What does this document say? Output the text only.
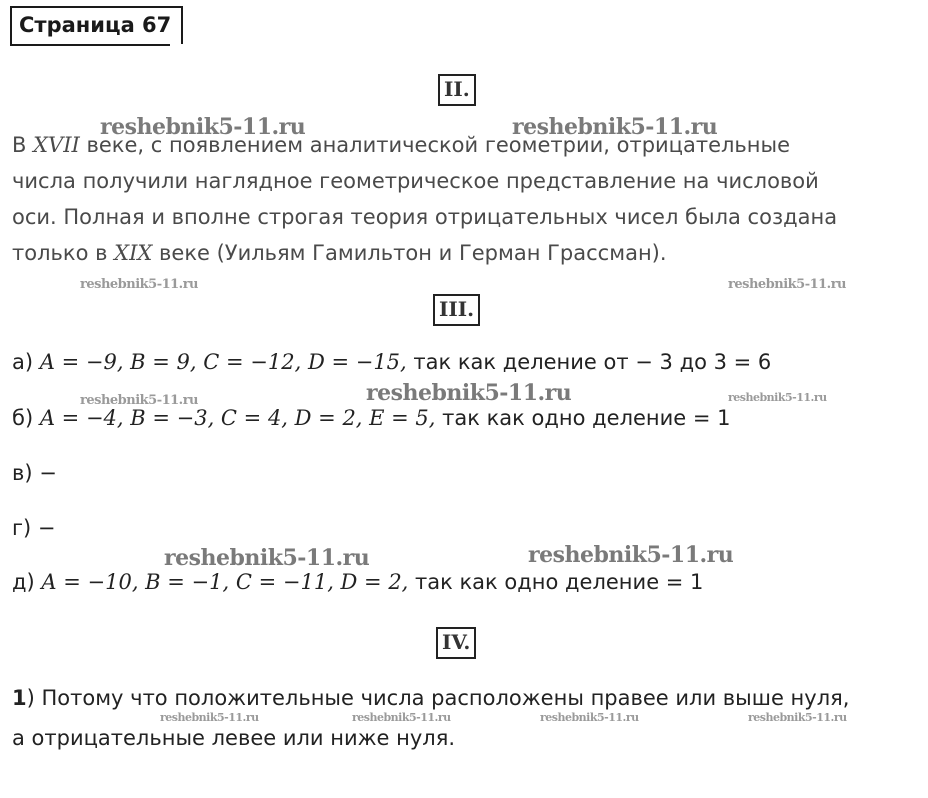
Страница 67
II.
reshebnik5-11.ru	reshebnik5-11.ru
В XVII веке, с появлением аналитической геометрии, отрицательные
числа получили наглядное геометрическое представление на числовой
оси. Полная и вполне строгая теория отрицательных чисел была создана
только в XIX веке (Уильям Гамильтон и Герман Грассман).
reshebnik5-11.ru	reshebnik5-11.ru
III.
а) A = −9, B = 9, C = −12, D = −15, так как деление от − 3 до 3 = 6
reshebnik5-11.ru
reshebnik5-11.ru	reshebnik5-11.ru
б) A = −4, B = −3, C = 4, D = 2, E = 5, так как одно деление = 1
в) −
г) −
reshebnik5-11.ru	reshebnik5-11.ru
д) A = −10, B = −1, C = −11, D = 2, так как одно деление = 1
IV.
1) Потому что положительные числа расположены правее или выше нуля,
reshebnik5-11.ru	reshebnik5-11.ru	reshebnik5-11.ru	reshebnik5-11.ru
а отрицательные левее или ниже нуля.
